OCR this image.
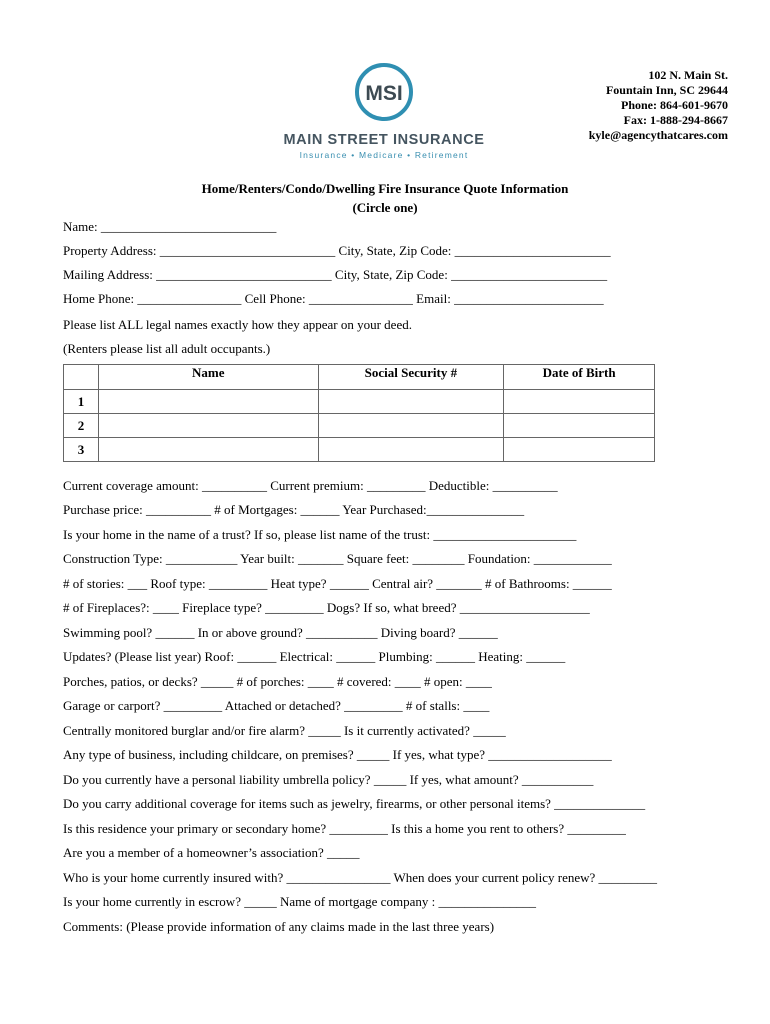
MSI
MAIN STREET INSURANCE
Insurance • Medicare • Retirement
102 N. Main St.
Fountain Inn, SC 29644
Phone: 864-601-9670
Fax: 1-888-294-8667
kyle@agencythatcares.com
Home/Renters/Condo/Dwelling Fire Insurance Quote Information
(Circle one)
Name: ___________________________
Property Address: ___________________________ City, State, Zip Code: ________________________
Mailing Address: ___________________________ City, State, Zip Code: ________________________
Home Phone: ________________ Cell Phone: ________________ Email: _______________________
Please list ALL legal names exactly how they appear on your deed.
(Renters please list all adult occupants.)
	Name	Social Security #	Date of Birth
1			
2			
3			
Current coverage amount: __________ Current premium: _________ Deductible: __________
Purchase price: __________ # of Mortgages: ______ Year Purchased:_______________
Is your home in the name of a trust? If so, please list name of the trust: ______________________
Construction Type: ___________ Year built: _______ Square feet: ________ Foundation: ____________
# of stories: ___ Roof type: _________ Heat type? ______ Central air? _______ # of Bathrooms: ______
# of Fireplaces?: ____ Fireplace type? _________ Dogs? If so, what breed? ____________________
Swimming pool? ______ In or above ground? ___________ Diving board? ______
Updates? (Please list year) Roof: ______ Electrical: ______ Plumbing: ______ Heating: ______
Porches, patios, or decks? _____ # of porches: ____ # covered: ____ # open: ____
Garage or carport? _________ Attached or detached? _________ # of stalls: ____
Centrally monitored burglar and/or fire alarm? _____ Is it currently activated? _____
Any type of business, including childcare, on premises? _____ If yes, what type? ___________________
Do you currently have a personal liability umbrella policy? _____ If yes, what amount? ___________
Do you carry additional coverage for items such as jewelry, firearms, or other personal items? ______________
Is this residence your primary or secondary home? _________ Is this a home you rent to others? _________
Are you a member of a homeowner’s association? _____
Who is your home currently insured with? ________________ When does your current policy renew? _________
Is your home currently in escrow? _____ Name of mortgage company : _______________
Comments: (Please provide information of any claims made in the last three years)
